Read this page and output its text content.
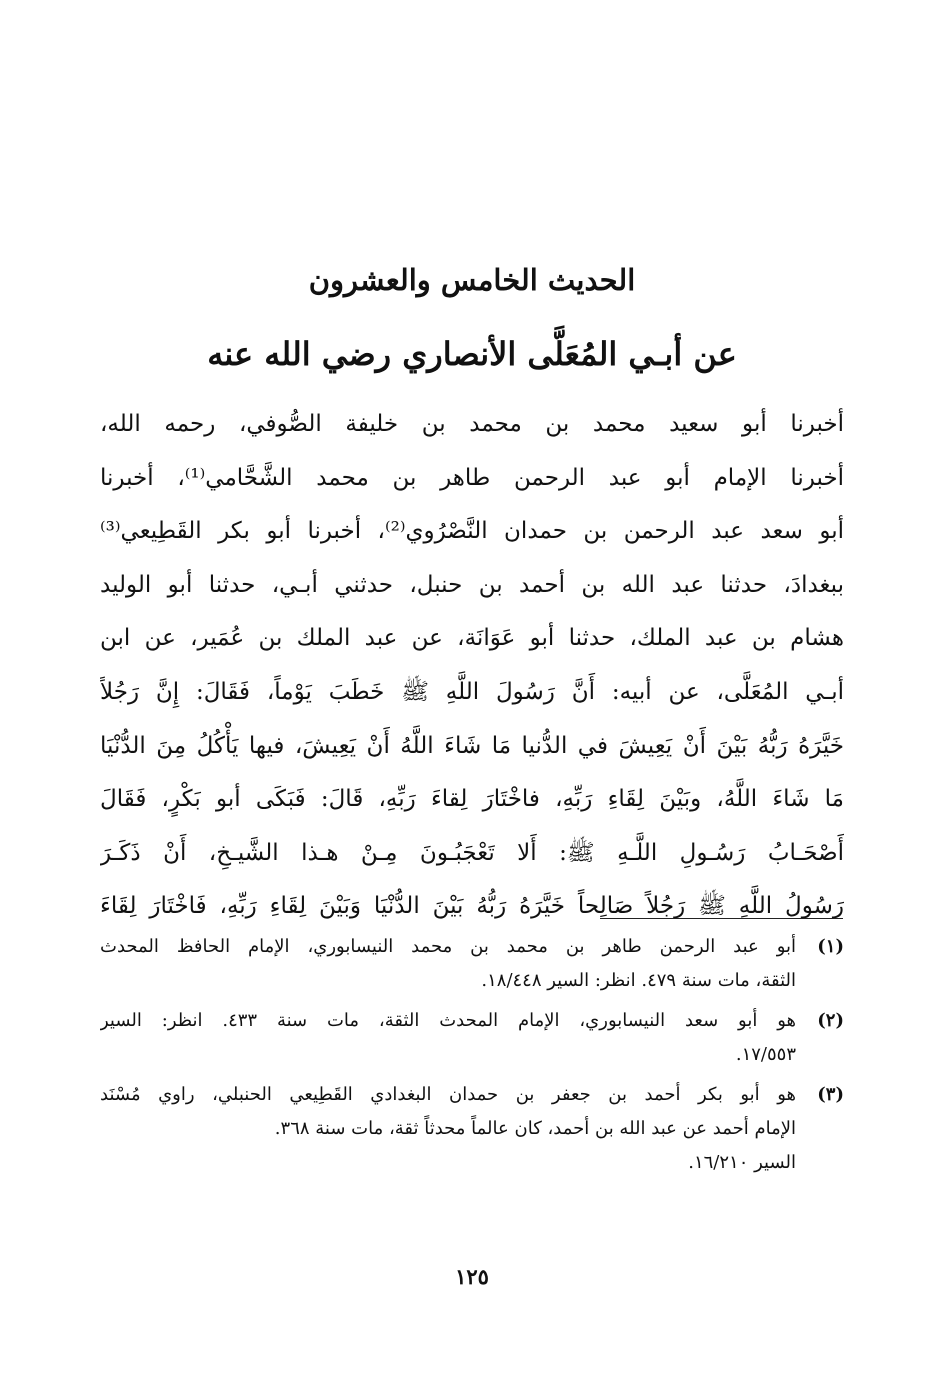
الحديث الخامس والعشرون
عن أبـي المُعَلَّى الأنصاري رضي الله عنه
أخبرنا أبو سعيد محمد بن محمد بن خليفة الصُّوفي، رحمه الله،
أخبرنا الإمام أبو عبد الرحمن طاهر بن محمد الشَّحَّامي⁽¹⁾، أخبرنا
أبو سعد عبد الرحمن بن حمدان النَّصْرُوي⁽²⁾، أخبرنا أبو بكر القَطِيعي⁽³⁾
ببغدادَ، حدثنا عبد الله بن أحمد بن حنبل، حدثني أبـي، حدثنا أبو الوليد
هشام بن عبد الملك، حدثنا أبو عَوَانَة، عن عبد الملك بن عُمَير، عن ابن
أبـي المُعَلَّى، عن أبيه: أَنَّ رَسُولَ اللَّهِ ﷺ خَطَبَ يَوْماً، فَقَالَ: إِنَّ رَجُلاً
خَيَّرَهُ رَبُّهُ بَيْنَ أَنْ يَعِيشَ في الدُّنيا مَا شَاءَ اللَّهُ أَنْ يَعِيشَ، فيها يَأْكُلُ مِنَ الدُّنْيَا
مَا شَاءَ اللَّهُ، وبَيْنَ لِقَاءِ رَبِّهِ، فاخْتَارَ لِقاءَ رَبِّهِ، قَالَ: فَبَكَى أبو بَكْرٍ، فَقَالَ
أَصْحَـابُ رَسُـولِ اللَّـهِ ﷺ: أَلا تَعْجَبُـونَ مِـنْ هـذا الشَّيـخِ، أَنْ ذَكَـرَ
رَسُولُ اللَّهِ ﷺ رَجُلاً صَالِحاً خَيَّرَهُ رَبُّهُ بَيْنَ الدُّنْيَا وَبَيْنَ لِقَاءِ رَبِّهِ، فَاخْتَارَ لِقَاءَ
(١)
أبو عبد الرحمن طاهر بن محمد بن محمد النيسابوري، الإمام الحافظ المحدث
الثقة، مات سنة ٤٧٩. انظر: السير ١٨/٤٤٨.
(٢)
هو أبو سعد النيسابوري، الإمام المحدث الثقة، مات سنة ٤٣٣. انظر: السير
١٧/٥٥٣.
(٣)
هو أبو بكر أحمد بن جعفر بن حمدان البغدادي القَطِيعي الحنبلي، راوي مُسْنَد
الإمام أحمد عن عبد الله بن أحمد، كان عالماً محدثاً ثقة، مات سنة ٣٦٨.
السير ١٦/٢١٠.
١٢٥
